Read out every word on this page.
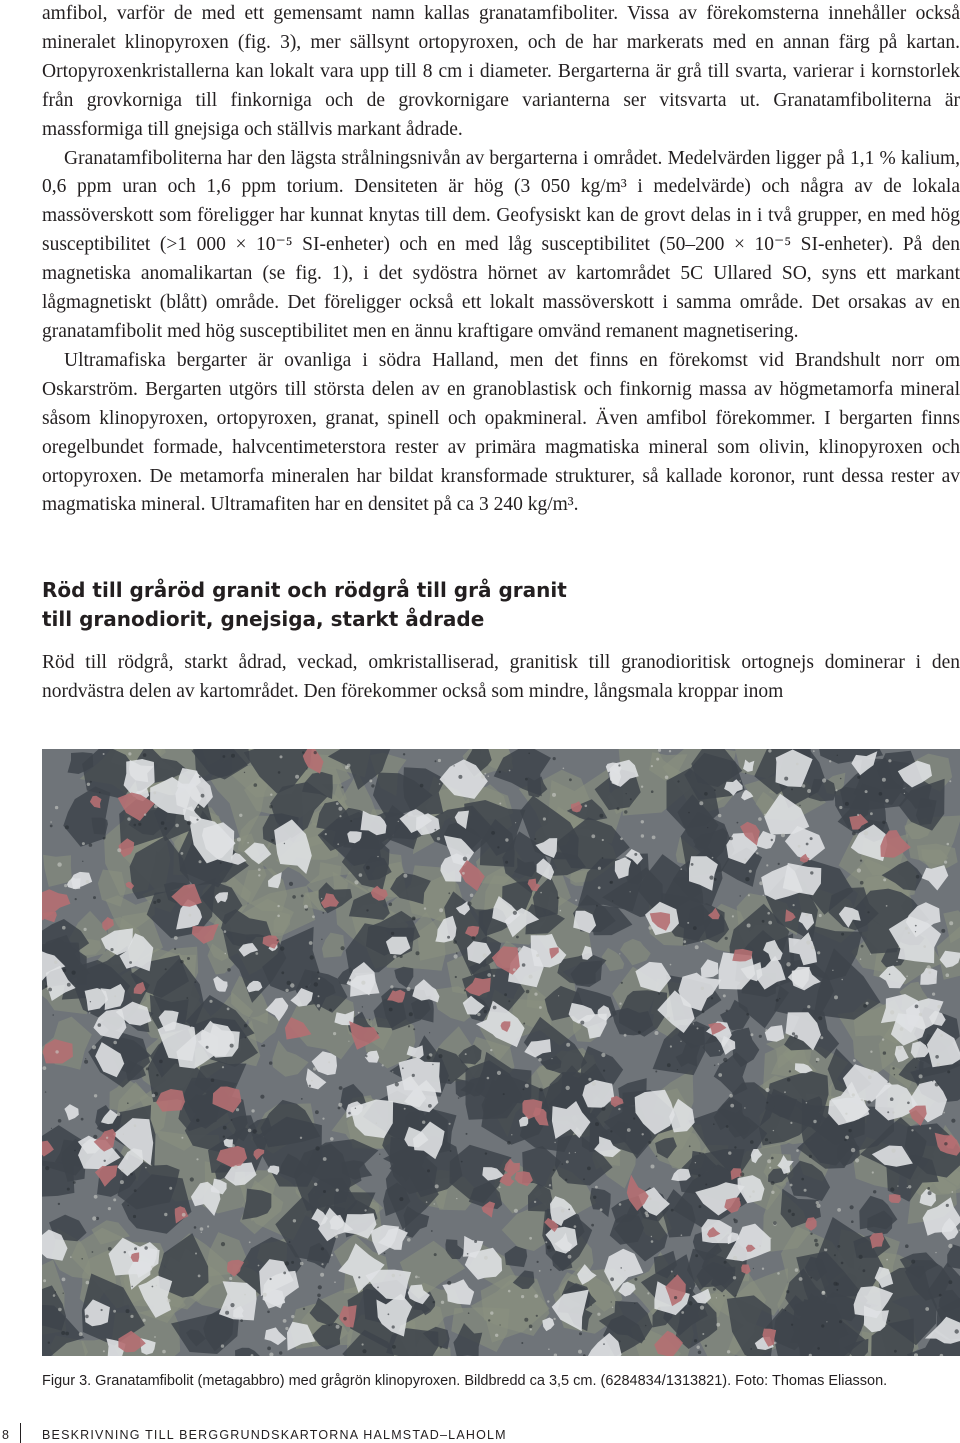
amfibol, varför de med ett gemensamt namn kallas granatamfiboliter. Vissa av förekomsterna innehåller också mineralet klinopyroxen (fig. 3), mer sällsynt ortopyroxen, och de har markerats med en annan färg på kartan. Ortopyroxenkristallerna kan lokalt vara upp till 8 cm i diameter. Bergarterna är grå till svarta, varierar i kornstorlek från grovkorniga till finkorniga och de grovkornigare varianterna ser vitsvarta ut. Granatamfiboliterna är massformiga till gnejsiga och ställvis markant ådrade.

Granatamfiboliterna har den lägsta strålningsnivån av bergarterna i området. Medelvärden ligger på 1,1 % kalium, 0,6 ppm uran och 1,6 ppm torium. Densiteten är hög (3 050 kg/m³ i medelvärde) och några av de lokala massöverskott som föreligger har kunnat knytas till dem. Geofysiskt kan de grovt delas in i två grupper, en med hög susceptibilitet (>1 000 × 10⁻⁵ SI-enheter) och en med låg susceptibilitet (50–200 × 10⁻⁵ SI-enheter). På den magnetiska anomalikartan (se fig. 1), i det sydöstra hörnet av kartområdet 5C Ullared SO, syns ett markant lågmagnetiskt (blått) område. Det föreligger också ett lokalt massöverskott i samma område. Det orsakas av en granatamfibolit med hög susceptibilitet men en ännu kraftigare omvänd remanent magnetisering.

Ultramafiska bergarter är ovanliga i södra Halland, men det finns en förekomst vid Brandshult norr om Oskarström. Bergarten utgörs till största delen av en granoblastisk och finkornig massa av högmetamorfa mineral såsom klinopyroxen, ortopyroxen, granat, spinell och opakmineral. Även amfibol förekommer. I bergarten finns oregelbundet formade, halvcentimeterstora rester av primära magmatiska mineral som olivin, klinopyroxen och ortopyroxen. De metamorfa mineralen har bildat kransformade strukturer, så kallade koronor, runt dessa rester av magmatiska mineral. Ultramafiten har en densitet på ca 3 240 kg/m³.

Röd till gråröd granit och rödgrå till grå granit
till granodiorit, gnejsiga, starkt ådrade

Röd till rödgrå, starkt ådrad, veckad, omkristalliserad, granitisk till granodioritisk ortognejs dominerar i den nordvästra delen av kartområdet. Den förekommer också som mindre, långsmala kroppar inom

Figur 3. Granatamfibolit (metagabbro) med grågrön klinopyroxen. Bildbredd ca 3,5 cm. (6284834/1313821). Foto: Thomas Eliasson.
8	BESKRIVNING TILL BERGGRUNDSKARTORNA HALMSTAD–LAHOLM
